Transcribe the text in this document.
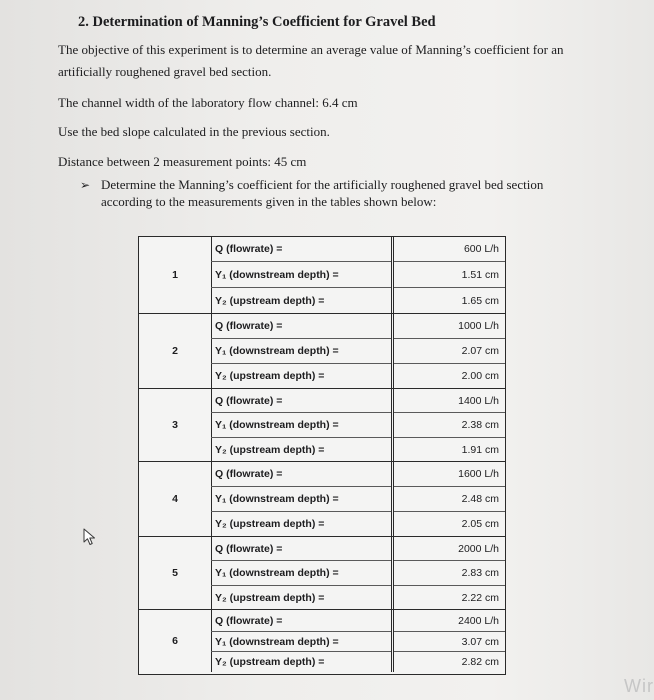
2. Determination of Manning’s Coefficient for Gravel Bed
The objective of this experiment is to determine an average value of Manning’s coefficient for an artificially roughened gravel bed section.
The channel width of the laboratory flow channel: 6.4 cm
Use the bed slope calculated in the previous section.
Distance between 2 measurement points: 45 cm
➢ Determine the Manning’s coefficient for the artificially roughened gravel bed section according to the measurements given in the tables shown below:
1
Q (flowrate) =
Y₁ (downstream depth) =
Y₂ (upstream depth) =
600 L/h
1.51 cm
1.65 cm
2
Q (flowrate) =
Y₁ (downstream depth) =
Y₂ (upstream depth) =
1000 L/h
2.07 cm
2.00 cm
3
Q (flowrate) =
Y₁ (downstream depth) =
Y₂ (upstream depth) =
1400 L/h
2.38 cm
1.91 cm
4
Q (flowrate) =
Y₁ (downstream depth) =
Y₂ (upstream depth) =
1600 L/h
2.48 cm
2.05 cm
5
Q (flowrate) =
Y₁ (downstream depth) =
Y₂ (upstream depth) =
2000 L/h
2.83 cm
2.22 cm
6
Q (flowrate) =
Y₁ (downstream depth) =
Y₂ (upstream depth) =
2400 L/h
3.07 cm
2.82 cm
Wir
